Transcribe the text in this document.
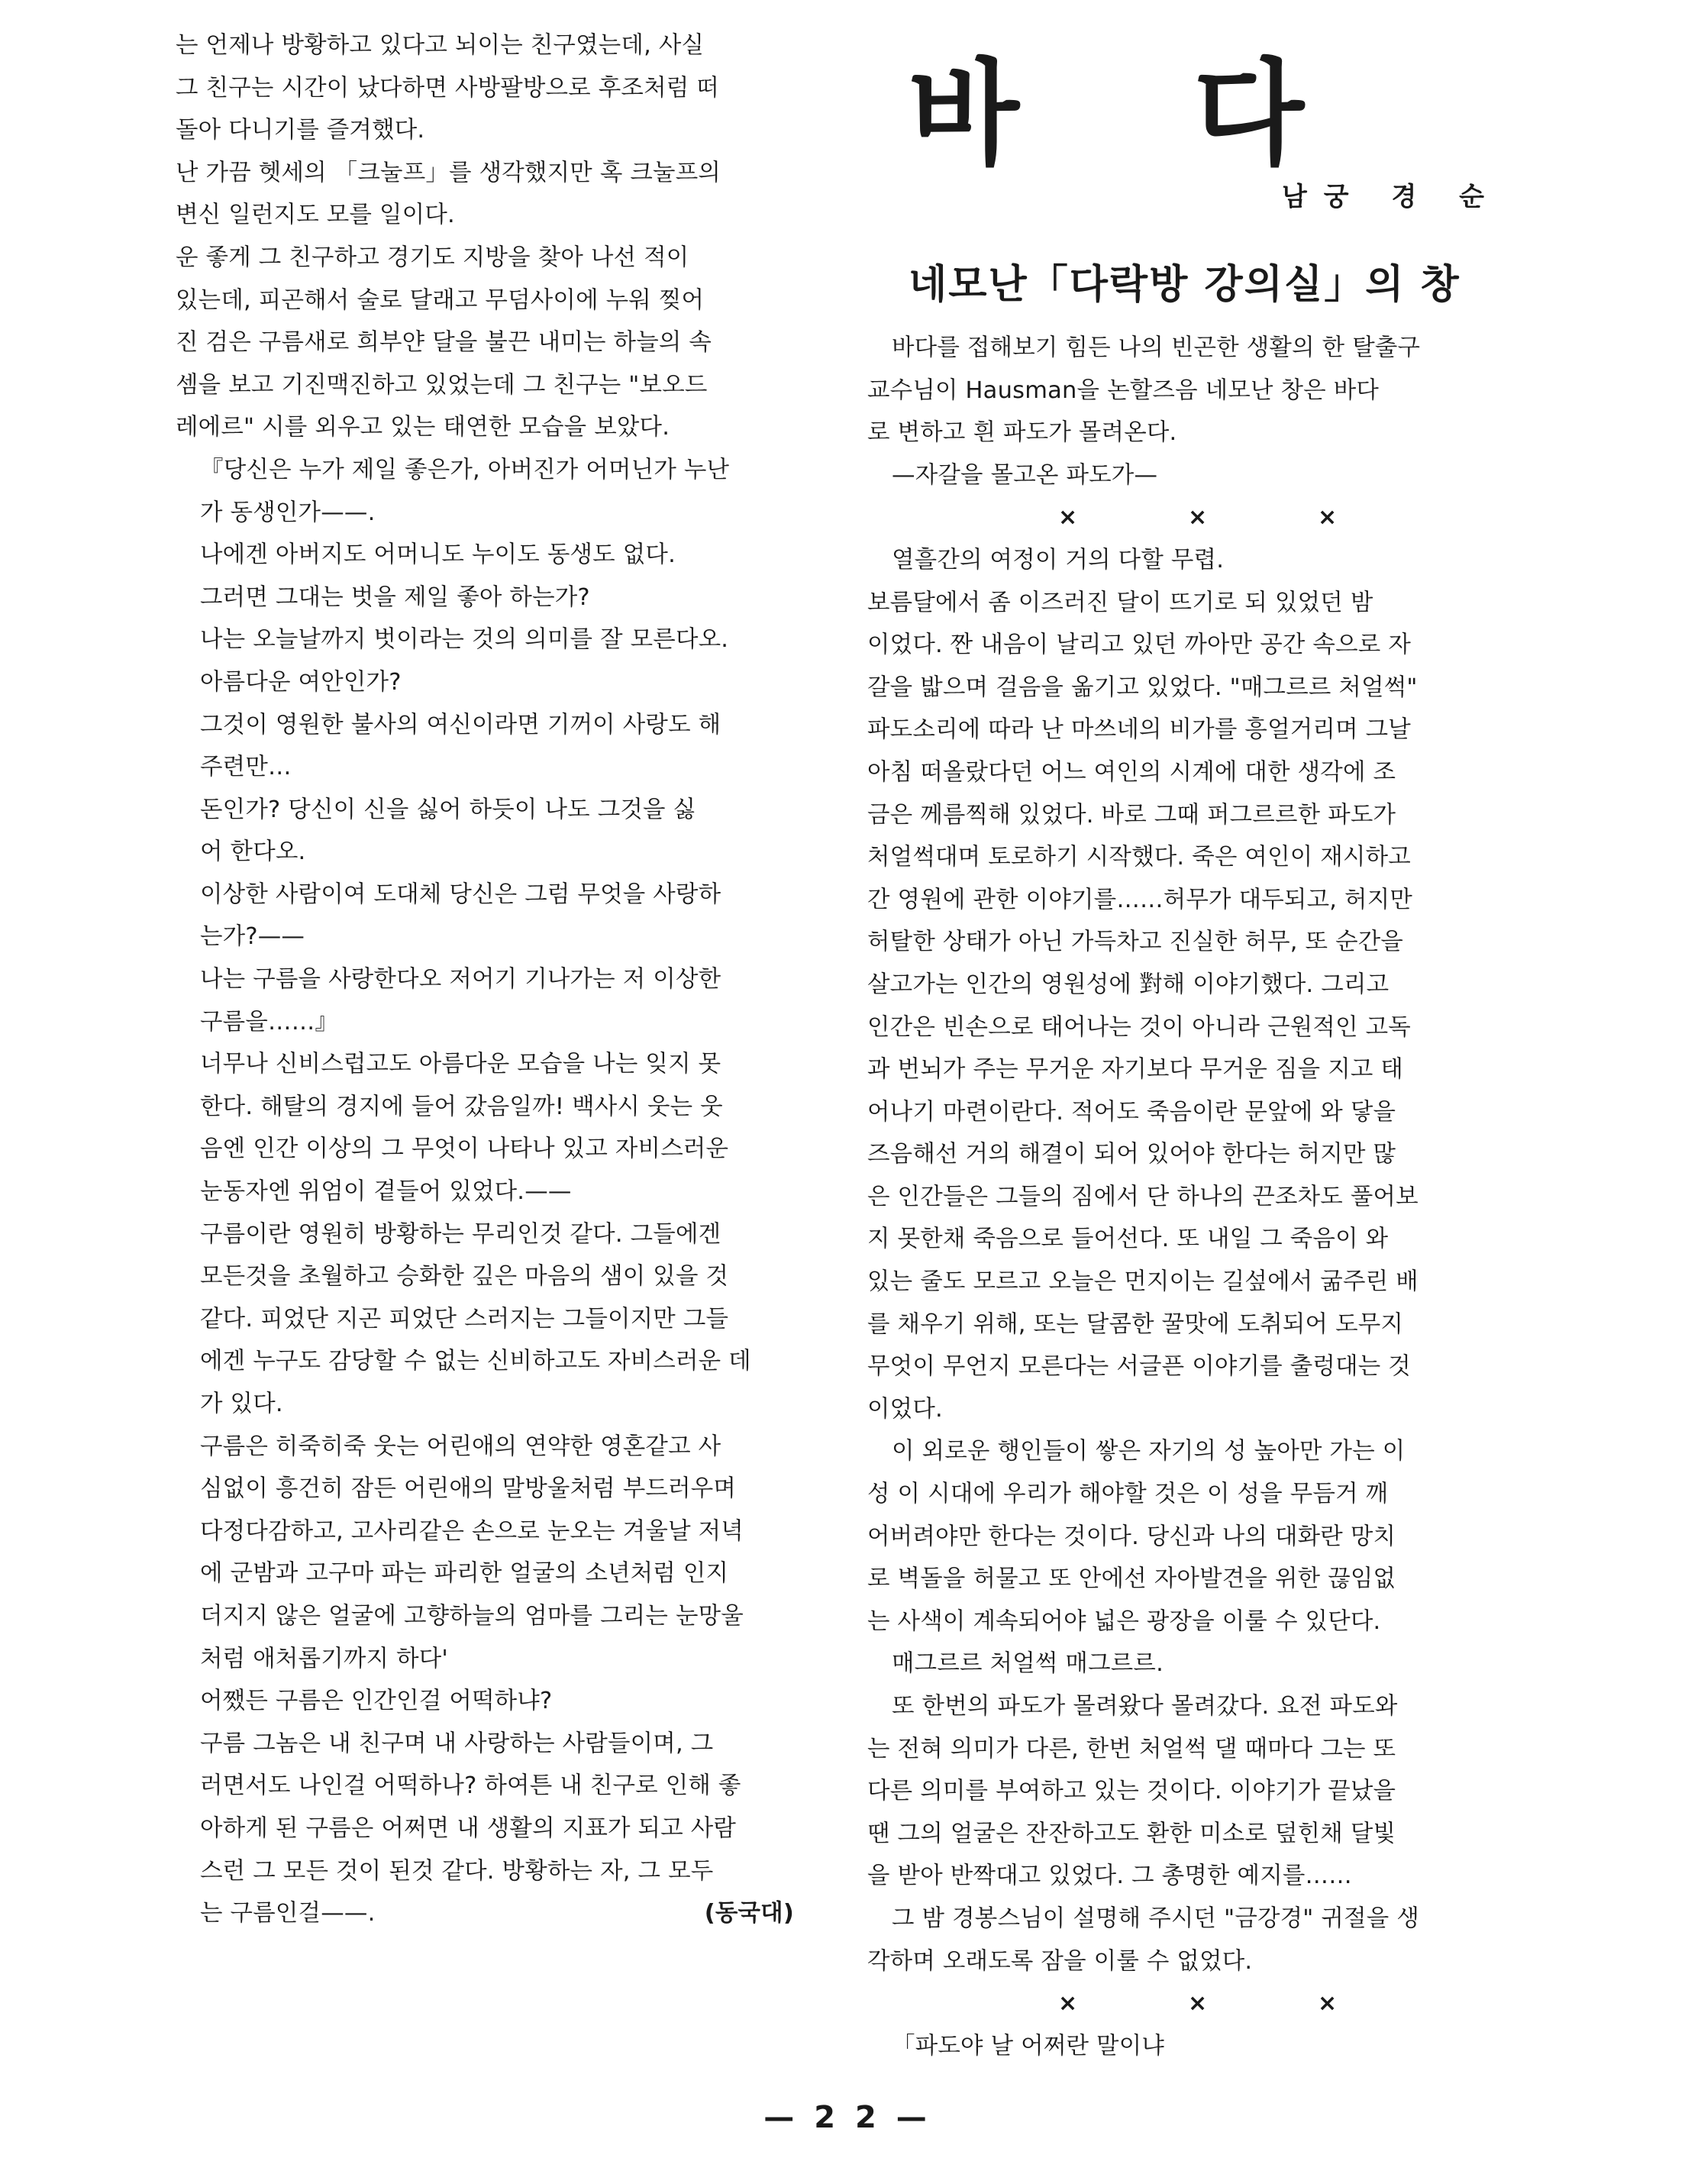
는 언제나 방황하고 있다고 뇌이는 친구였는데, 사실
그 친구는 시간이 났다하면 사방팔방으로 후조처럼 떠
돌아 다니기를 즐겨했다.
난 가끔 헷세의 「크눌프」를 생각했지만 혹 크눌프의
변신 일런지도 모를 일이다.
운 좋게 그 친구하고 경기도 지방을 찾아 나선 적이
있는데, 피곤해서 술로 달래고 무덤사이에 누워 찢어
진 검은 구름새로 희부얀 달을 불끈 내미는 하늘의 속
셈을 보고 기진맥진하고 있었는데 그 친구는 "보오드
레에르" 시를 외우고 있는 태연한 모습을 보았다.
『당신은 누가 제일 좋은가, 아버진가 어머닌가 누난
가 동생인가——.
나에겐 아버지도 어머니도 누이도 동생도 없다.
그러면 그대는 벗을 제일 좋아 하는가?
나는 오늘날까지 벗이라는 것의 의미를 잘 모른다오.
아름다운 여안인가?
그것이 영원한 불사의 여신이라면 기꺼이 사랑도 해
주련만…
돈인가? 당신이 신을 싫어 하듯이 나도 그것을 싫
어 한다오.
이상한 사람이여 도대체 당신은 그럼 무엇을 사랑하
는가?——
나는 구름을 사랑한다오 저어기 기나가는 저 이상한
구름을……』
너무나 신비스럽고도 아름다운 모습을 나는 잊지 못
한다. 해탈의 경지에 들어 갔음일까! 백사시 웃는 웃
음엔 인간 이상의 그 무엇이 나타나 있고 자비스러운
눈동자엔 위엄이 곁들어 있었다.——
구름이란 영원히 방황하는 무리인것 같다. 그들에겐
모든것을 초월하고 승화한 깊은 마음의 샘이 있을 것
같다. 피었단 지곤 피었단 스러지는 그들이지만 그들
에겐 누구도 감당할 수 없는 신비하고도 자비스러운 데
가 있다.
구름은 히죽히죽 웃는 어린애의 연약한 영혼같고 사
심없이 흥건히 잠든 어린애의 말방울처럼 부드러우며
다정다감하고, 고사리같은 손으로 눈오는 겨울날 저녁
에 군밤과 고구마 파는 파리한 얼굴의 소년처럼 인지
더지지 않은 얼굴에 고향하늘의 엄마를 그리는 눈망울
처럼 애처롭기까지 하다'
어쨌든 구름은 인간인걸 어떡하냐?
구름 그놈은 내 친구며 내 사랑하는 사람들이며, 그
러면서도 나인걸 어떡하나? 하여튼 내 친구로 인해 좋
아하게 된 구름은 어쩌면 내 생활의 지표가 되고 사람
스런 그 모든 것이 된것 같다. 방황하는 자, 그 모두
는 구름인걸——.	(동국대)
바 다
남궁 경 순
네모난「다락방 강의실」의 창
바다를 접해보기 힘든 나의 빈곤한 생활의 한 탈출구
교수님이 Hausman을 논할즈음 네모난 창은 바다
로 변하고 흰 파도가 몰려온다.
—자갈을 몰고온 파도가—
×	×	×
열흘간의 여정이 거의 다할 무렵.
보름달에서 좀 이즈러진 달이 뜨기로 되 있었던 밤
이었다. 짠 내음이 날리고 있던 까아만 공간 속으로 자
갈을 밟으며 걸음을 옮기고 있었다. "매그르르 처얼썩"
파도소리에 따라 난 마쓰네의 비가를 흥얼거리며 그날
아침 떠올랐다던 어느 여인의 시계에 대한 생각에 조
금은 께름찍해 있었다. 바로 그때 퍼그르르한 파도가
처얼썩대며 토로하기 시작했다. 죽은 여인이 재시하고
간 영원에 관한 이야기를……허무가 대두되고, 허지만
허탈한 상태가 아닌 가득차고 진실한 허무, 또 순간을
살고가는 인간의 영원성에 對해 이야기했다. 그리고
인간은 빈손으로 태어나는 것이 아니라 근원적인 고독
과 번뇌가 주는 무거운 자기보다 무거운 짐을 지고 태
어나기 마련이란다. 적어도 죽음이란 문앞에 와 닿을
즈음해선 거의 해결이 되어 있어야 한다는 허지만 많
은 인간들은 그들의 짐에서 단 하나의 끈조차도 풀어보
지 못한채 죽음으로 들어선다. 또 내일 그 죽음이 와
있는 줄도 모르고 오늘은 먼지이는 길섶에서 굶주린 배
를 채우기 위해, 또는 달콤한 꿀맛에 도취되어 도무지
무엇이 무언지 모른다는 서글픈 이야기를 출렁대는 것
이었다.
이 외로운 행인들이 쌓은 자기의 성 높아만 가는 이
성 이 시대에 우리가 해야할 것은 이 성을 무듬거 깨
어버려야만 한다는 것이다. 당신과 나의 대화란 망치
로 벽돌을 허물고 또 안에선 자아발견을 위한 끊임없
는 사색이 계속되어야 넓은 광장을 이룰 수 있단다.
매그르르 처얼썩 매그르르.
또 한번의 파도가 몰려왔다 몰려갔다. 요전 파도와
는 전혀 의미가 다른, 한번 처얼썩 댈 때마다 그는 또
다른 의미를 부여하고 있는 것이다. 이야기가 끝났을
땐 그의 얼굴은 잔잔하고도 환한 미소로 덮힌채 달빛
을 받아 반짝대고 있었다. 그 총명한 예지를……
그 밤 경봉스님이 설명해 주시던 "금강경" 귀절을 생
각하며 오래도록 잠을 이룰 수 없었다.
×	×	×
「파도야 날 어쩌란 말이냐
— 2 2 —
